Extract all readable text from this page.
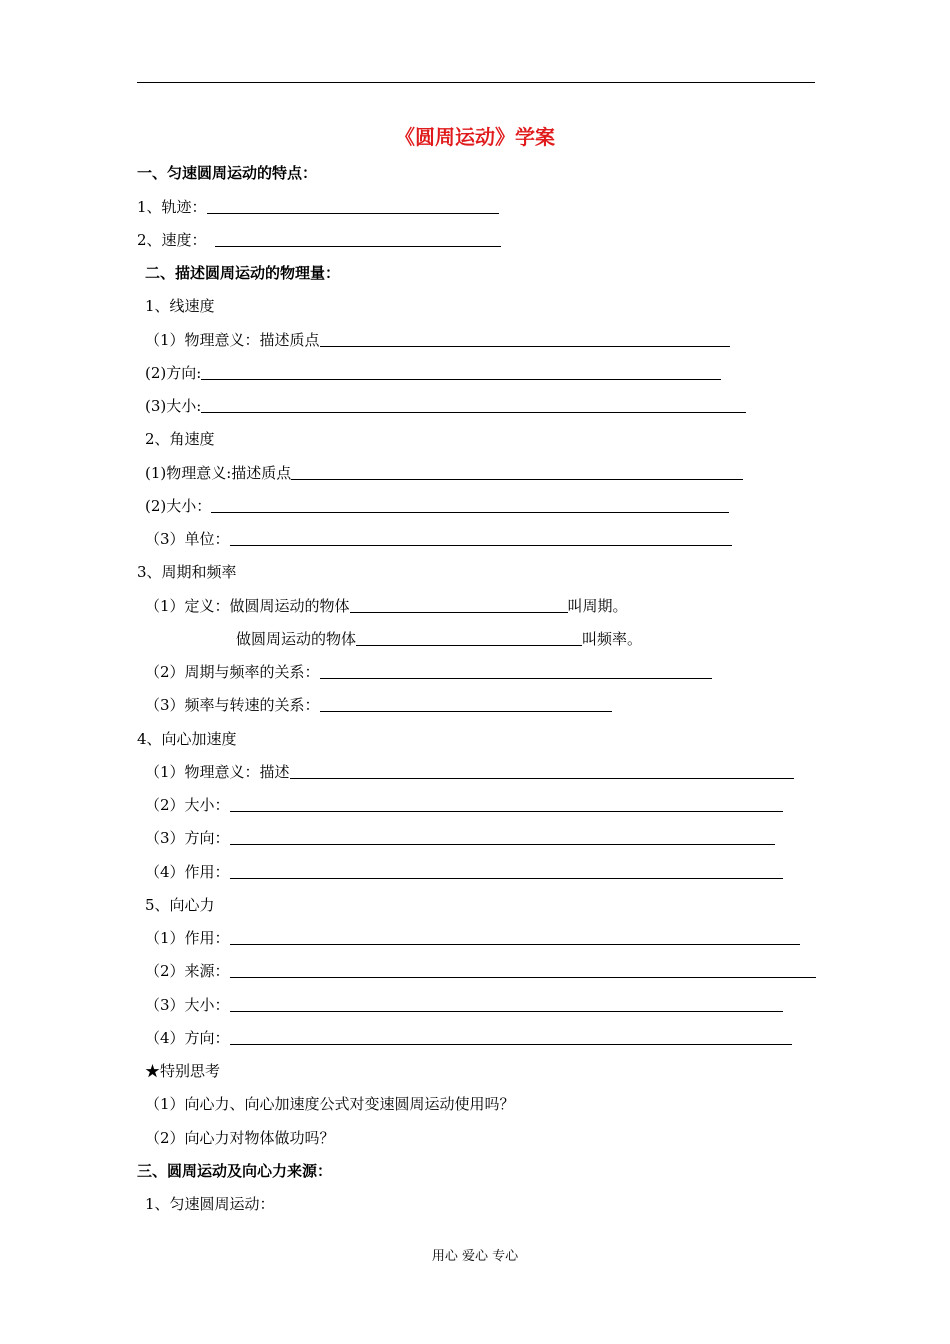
《圆周运动》学案
一、匀速圆周运动的特点：
1、轨迹：
2、速度：
二、描述圆周运动的物理量：
1、线速度
（1）物理意义：描述质点
(2)方向:
(3)大小:
2、角速度
(1)物理意义:描述质点
(2)大小：
（3）单位：
3、周期和频率
（1）定义：做圆周运动的物体	叫周期。
做圆周运动的物体	叫频率。
（2）周期与频率的关系：
（3）频率与转速的关系：
4、向心加速度
（1）物理意义：描述
（2）大小：
（3）方向：
（4）作用：
5、向心力
（1）作用：
（2）来源：
（3）大小：
（4）方向：
★特别思考
（1）向心力、向心加速度公式对变速圆周运动使用吗？
（2）向心力对物体做功吗？
三、圆周运动及向心力来源：
1、匀速圆周运动：
用心 爱心 专心
